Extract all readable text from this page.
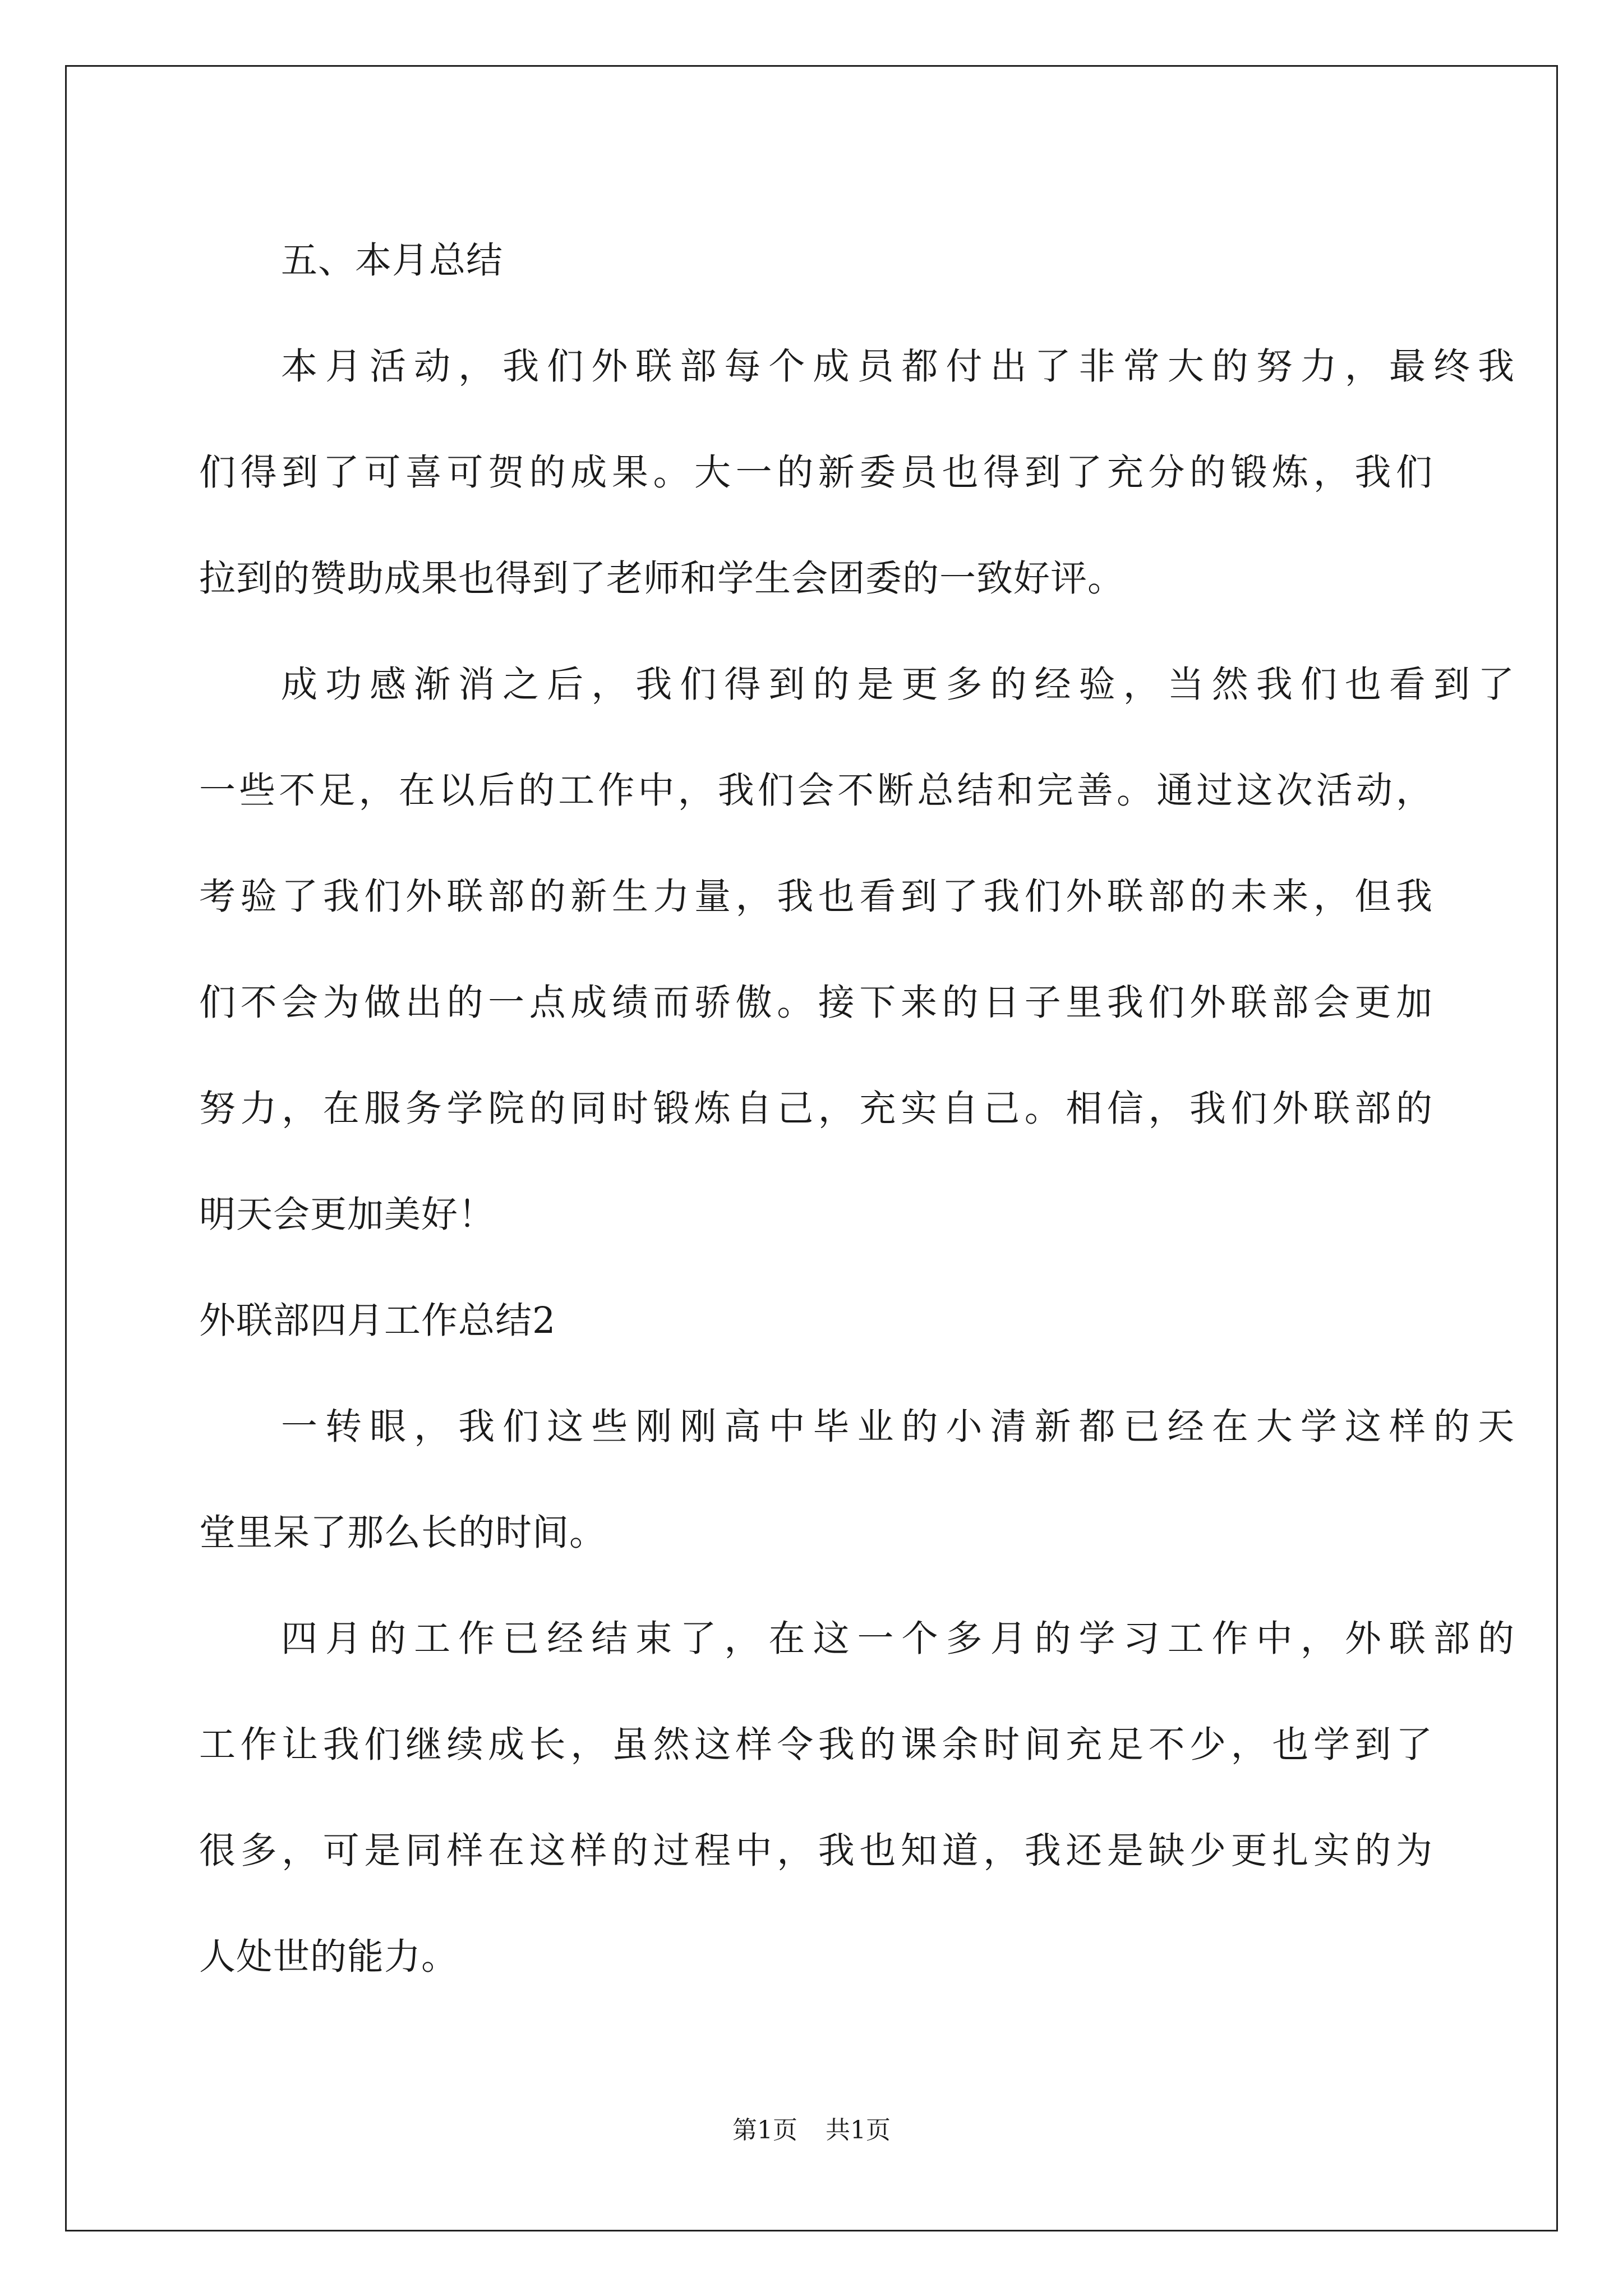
五、本月总结
本月活动，我们外联部每个成员都付出了非常大的努力，最终我
们得到了可喜可贺的成果。大一的新委员也得到了充分的锻炼，我们
拉到的赞助成果也得到了老师和学生会团委的一致好评。
成功感渐消之后，我们得到的是更多的经验，当然我们也看到了
一些不足，在以后的工作中，我们会不断总结和完善。通过这次活动，
考验了我们外联部的新生力量，我也看到了我们外联部的未来，但我
们不会为做出的一点成绩而骄傲。接下来的日子里我们外联部会更加
努力，在服务学院的同时锻炼自己，充实自己。相信，我们外联部的
明天会更加美好！
外联部四月工作总结2
一转眼，我们这些刚刚高中毕业的小清新都已经在大学这样的天
堂里呆了那么长的时间。
四月的工作已经结束了，在这一个多月的学习工作中，外联部的
工作让我们继续成长，虽然这样令我的课余时间充足不少，也学到了
很多，可是同样在这样的过程中，我也知道，我还是缺少更扎实的为
人处世的能力。
第1页 共1页
